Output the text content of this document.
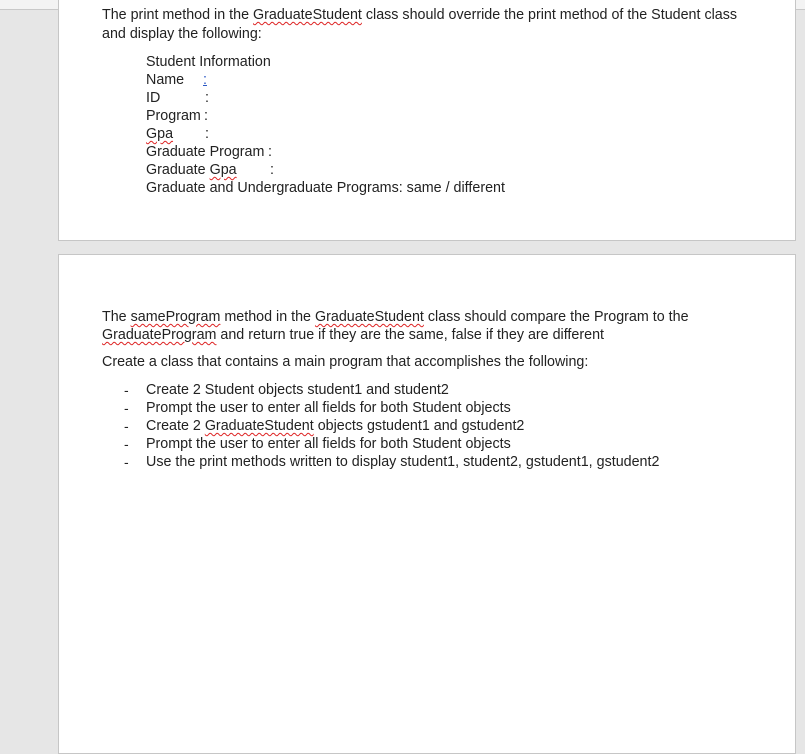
The print method in the GraduateStudent class should override the print method of the Student class
and display the following:
Student Information
Name :
ID	:
Program :
Gpa :
Graduate Program :
Graduate Gpa :
Graduate and Undergraduate Programs: same / different
The sameProgram method in the GraduateStudent class should compare the Program to the
GraduateProgram and return true if they are the same, false if they are different
Create a class that contains a main program that accomplishes the following:
- Create 2 Student objects student1 and student2
- Prompt the user to enter all fields for both Student objects
- Create 2 GraduateStudent objects gstudent1 and gstudent2
- Prompt the user to enter all fields for both Student objects
- Use the print methods written to display student1, student2, gstudent1, gstudent2
